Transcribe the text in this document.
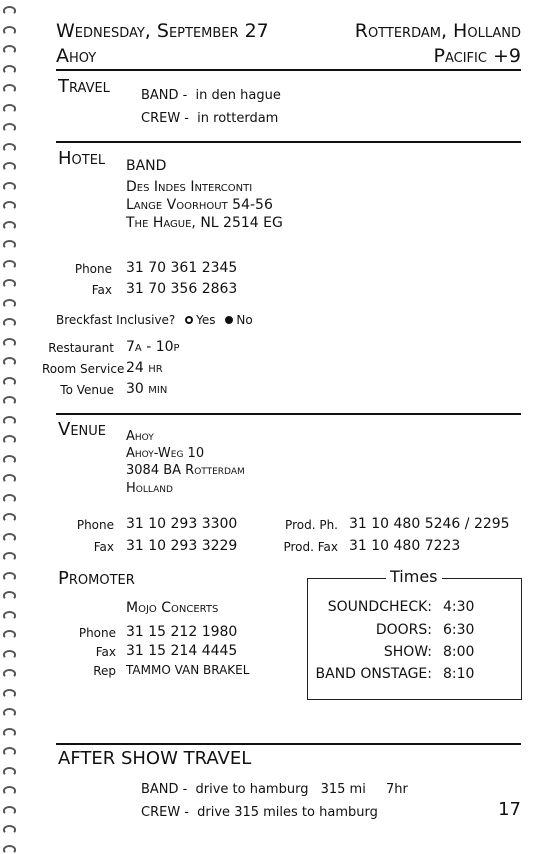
Wednesday, September 27
Ahoy
Rotterdam, Holland
Pacific +9
Travel BAND - in den hague
CREW - in rotterdam
Hotel BAND
Des Indes Interconti
Lange Voorhout 54-56
The Hague, NL 2514 EG
Phone 31 70 361 2345
Fax 31 70 356 2863
Breckfast Inclusive? Yes No
Restaurant 7a - 10p
Room Service 24 hr
To Venue 30 min
Venue Ahoy
Ahoy-Weg 10
3084 BA Rotterdam
Holland
Phone 31 10 293 3300
Fax 31 10 293 3229
Prod. Ph. 31 10 480 5246 / 2295
Prod. Fax 31 10 480 7223
Promoter
Mojo Concerts
Phone 31 15 212 1980
Fax 31 15 214 4445
Rep TAMMO VAN BRAKEL
Times
SOUNDCHECK: 4:30
DOORS: 6:30
SHOW: 8:00
BAND ONSTAGE: 8:10
AFTER SHOW TRAVEL
BAND - drive to hamburg 315 mi 7hr
CREW - drive 315 miles to hamburg	17
